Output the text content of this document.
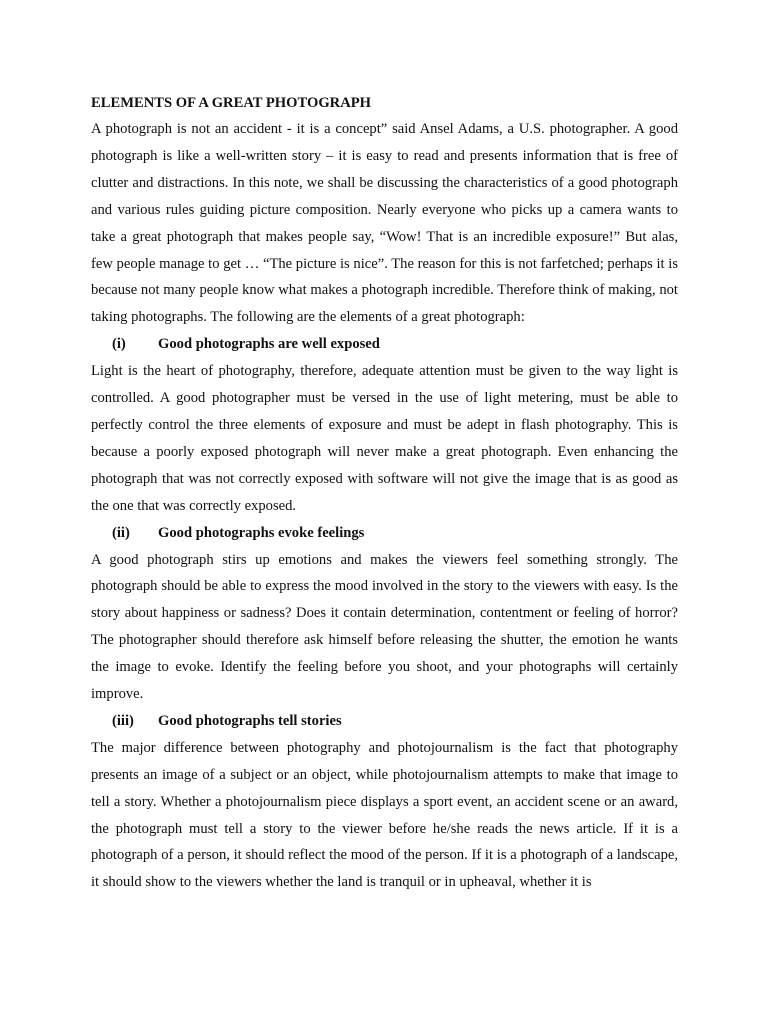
ELEMENTS OF A GREAT PHOTOGRAPH

A photograph is not an accident - it is a concept” said Ansel Adams, a U.S. photographer. A good photograph is like a well-written story – it is easy to read and presents information that is free of clutter and distractions. In this note, we shall be discussing the characteristics of a good photograph and various rules guiding picture composition. Nearly everyone who picks up a camera wants to take a great photograph that makes people say, “Wow! That is an incredible exposure!” But alas, few people manage to get … “The picture is nice”. The reason for this is not farfetched; perhaps it is because not many people know what makes a photograph incredible. Therefore think of making, not taking photographs. The following are the elements of a great photograph:

(i)	Good photographs are well exposed

Light is the heart of photography, therefore, adequate attention must be given to the way light is controlled. A good photographer must be versed in the use of light metering, must be able to perfectly control the three elements of exposure and must be adept in flash photography. This is because a poorly exposed photograph will never make a great photograph. Even enhancing the photograph that was not correctly exposed with software will not give the image that is as good as the one that was correctly exposed.

(ii)	Good photographs evoke feelings

A good photograph stirs up emotions and makes the viewers feel something strongly. The photograph should be able to express the mood involved in the story to the viewers with easy. Is the story about happiness or sadness? Does it contain determination, contentment or feeling of horror? The photographer should therefore ask himself before releasing the shutter, the emotion he wants the image to evoke. Identify the feeling before you shoot, and your photographs will certainly improve.

(iii)	Good photographs tell stories

The major difference between photography and photojournalism is the fact that photography presents an image of a subject or an object, while photojournalism attempts to make that image to tell a story. Whether a photojournalism piece displays a sport event, an accident scene or an award, the photograph must tell a story to the viewer before he/she reads the news article. If it is a photograph of a person, it should reflect the mood of the person. If it is a photograph of a landscape, it should show to the viewers whether the land is tranquil or in upheaval, whether it is
